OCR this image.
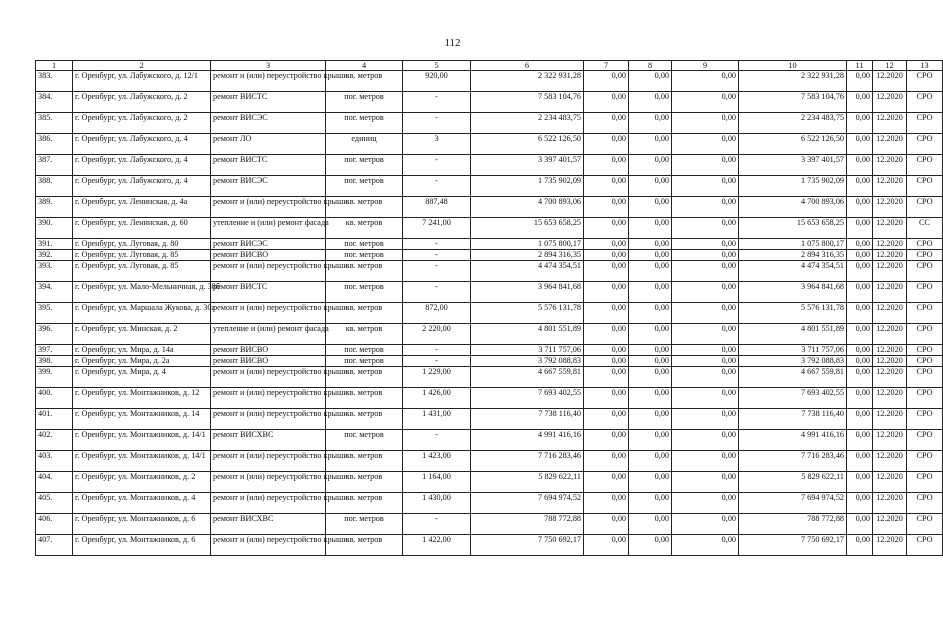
112
1	2	3	4	5	6	7	8	9	10	11	12	13
383.	г. Оренбург, ул. Лабужского, д. 12/1	ремонт и (или) переустройство крыши	кв. метров	920,00	2 322 931,28	0,00	0,00	0,00	2 322 931,28	0,00	12.2020	СРО
384.	г. Оренбург, ул. Лабужского, д. 2	ремонт ВИСТС	пог. метров	-	7 583 104,76	0,00	0,00	0,00	7 583 104,76	0,00	12.2020	СРО
385.	г. Оренбург, ул. Лабужского, д. 2	ремонт ВИСЭС	пог. метров	-	2 234 483,75	0,00	0,00	0,00	2 234 483,75	0,00	12.2020	СРО
386.	г. Оренбург, ул. Лабужского, д. 4	ремонт ЛО	единиц	3	6 522 126,50	0,00	0,00	0,00	6 522 126,50	0,00	12.2020	СРО
387.	г. Оренбург, ул. Лабужского, д. 4	ремонт ВИСТС	пог. метров	-	3 397 401,57	0,00	0,00	0,00	3 397 401,57	0,00	12.2020	СРО
388.	г. Оренбург, ул. Лабужского, д. 4	ремонт ВИСЭС	пог. метров	-	1 735 902,09	0,00	0,00	0,00	1 735 902,09	0,00	12.2020	СРО
389.	г. Оренбург, ул. Ленинская, д. 4а	ремонт и (или) переустройство крыши	кв. метров	887,48	4 700 893,06	0,00	0,00	0,00	4 700 893,06	0,00	12.2020	СРО
390.	г. Оренбург, ул. Ленинская, д. 60	утепление и (или) ремонт фасада	кв. метров	7 241,00	15 653 658,25	0,00	0,00	0,00	15 653 658,25	0,00	12.2020	СС
391.	г. Оренбург, ул. Луговая, д. 80	ремонт ВИСЭС	пог. метров	-	1 075 800,17	0,00	0,00	0,00	1 075 800,17	0,00	12.2020	СРО
392.	г. Оренбург, ул. Луговая, д. 85	ремонт ВИСВО	пог. метров	-	2 894 316,35	0,00	0,00	0,00	2 894 316,35	0,00	12.2020	СРО
393.	г. Оренбург, ул. Луговая, д. 85	ремонт и (или) переустройство крыши	кв. метров	-	4 474 354,51	0,00	0,00	0,00	4 474 354,51	0,00	12.2020	СРО
394.	г. Оренбург, ул. Мало-Мельничная, д. 38б	ремонт ВИСТС	пог. метров	-	3 964 841,68	0,00	0,00	0,00	3 964 841,68	0,00	12.2020	СРО
395.	г. Оренбург, ул. Маршала Жукова, д. 30а	ремонт и (или) переустройство крыши	кв. метров	872,00	5 576 131,78	0,00	0,00	0,00	5 576 131,78	0,00	12.2020	СРО
396.	г. Оренбург, ул. Минская, д. 2	утепление и (или) ремонт фасада	кв. метров	2 220,00	4 801 551,89	0,00	0,00	0,00	4 801 551,89	0,00	12.2020	СРО
397.	г. Оренбург, ул. Мира, д. 14а	ремонт ВИСВО	пог. метров	-	3 711 757,06	0,00	0,00	0,00	3 711 757,06	0,00	12.2020	СРО
398.	г. Оренбург, ул. Мира, д. 2а	ремонт ВИСВО	пог. метров	-	3 792 088,83	0,00	0,00	0,00	3 792 088,83	0,00	12.2020	СРО
399.	г. Оренбург, ул. Мира, д. 4	ремонт и (или) переустройство крыши	кв. метров	1 229,00	4 667 559,81	0,00	0,00	0,00	4 667 559,81	0,00	12.2020	СРО
400.	г. Оренбург, ул. Монтажников, д. 12	ремонт и (или) переустройство крыши	кв. метров	1 426,00	7 693 402,55	0,00	0,00	0,00	7 693 402,55	0,00	12.2020	СРО
401.	г. Оренбург, ул. Монтажников, д. 14	ремонт и (или) переустройство крыши	кв. метров	1 431,00	7 738 116,40	0,00	0,00	0,00	7 738 116,40	0,00	12.2020	СРО
402.	г. Оренбург, ул. Монтажников, д. 14/1	ремонт ВИСХВС	пог. метров	-	4 991 416,16	0,00	0,00	0,00	4 991 416,16	0,00	12.2020	СРО
403.	г. Оренбург, ул. Монтажников, д. 14/1	ремонт и (или) переустройство крыши	кв. метров	1 423,00	7 716 283,46	0,00	0,00	0,00	7 716 283,46	0,00	12.2020	СРО
404.	г. Оренбург, ул. Монтажников, д. 2	ремонт и (или) переустройство крыши	кв. метров	1 164,00	5 829 622,11	0,00	0,00	0,00	5 829 622,11	0,00	12.2020	СРО
405.	г. Оренбург, ул. Монтажников, д. 4	ремонт и (или) переустройство крыши	кв. метров	1 430,00	7 694 974,52	0,00	0,00	0,00	7 694 974,52	0,00	12.2020	СРО
406.	г. Оренбург, ул. Монтажников, д. 6	ремонт ВИСХВС	пог. метров	-	788 772,88	0,00	0,00	0,00	788 772,88	0,00	12.2020	СРО
407.	г. Оренбург, ул. Монтажников, д. 6	ремонт и (или) переустройство крыши	кв. метров	1 422,00	7 750 692,17	0,00	0,00	0,00	7 750 692,17	0,00	12.2020	СРО
